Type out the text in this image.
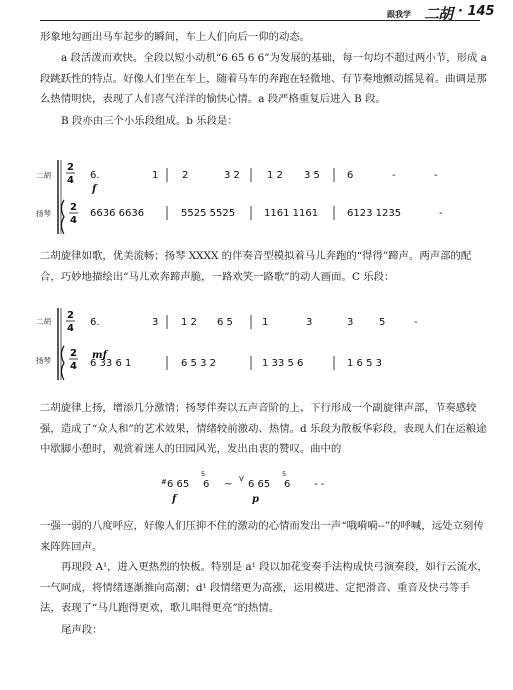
跟我学 二胡 · 145

形象地勾画出马车起步的瞬间，车上人们向后一仰的动态。

a 段活泼而欢快。全段以短小动机“6 65 6 6”为发展的基础，每一句均不超过两小节，形成 a 段跳跃性的特点。好像人们坐在车上，随着马车的奔跑在轻微地、有节奏地颤动摇晃着。曲调是那么热情明快，表现了人们喜气洋洋的愉快心情。a 段严格重复后进入 B 段。

B 段亦由三个小乐段组成。b 乐段是：

二胡
扬琴
2
4
2
4
f
6.	1 2	3 2	1 2 3 5	6	-	-
6636 6636	5525 5525	1161 1161	6123 1235	-

二胡旋律如歌，优美流畅；扬琴 XXXX 的伴奏音型模拟着马儿奔跑的“得得”蹄声。两声部的配合，巧妙地描绘出“马儿欢奔蹄声脆，一路欢笑一路歌”的动人画面。C 乐段：

二胡
扬琴
2
4
2
4
mf
6.	3 1 2 6 5	1	3	3	5	-
6 33 6 1	6 5 3 2	1 33 5 6	1 6 5 3

二胡旋律上扬，增添几分激情；扬琴伴奏以五声音阶的上、下行形成一个副旋律声部，节奏感较强，造成了“众人和”的艺术效果，情绪较前激动、热情。d 乐段为散板华彩段，表现人们在运粮途中歇脚小憩时，观赏着迷人的田园风光，发出由衷的赞叹。曲中的

# 6 65
5
6
f
~ V 6 65
5
6
p
- -

一强一弱的八度呼应，好像人们压抑不住的激动的心情而发出一声“哦嗬嗬--”的呼喊，远处立刻传来阵阵回声。

再现段 A¹，进入更热烈的快板。特别是 a¹ 段以加花变奏手法构成快弓演奏段，如行云流水，一气呵成，将情绪逐渐推向高潮；d¹ 段情绪更为高涨，运用模进、定把滑音、重音及快弓等手法，表现了“马儿跑得更欢，歌儿唱得更亮”的热情。

尾声段：
